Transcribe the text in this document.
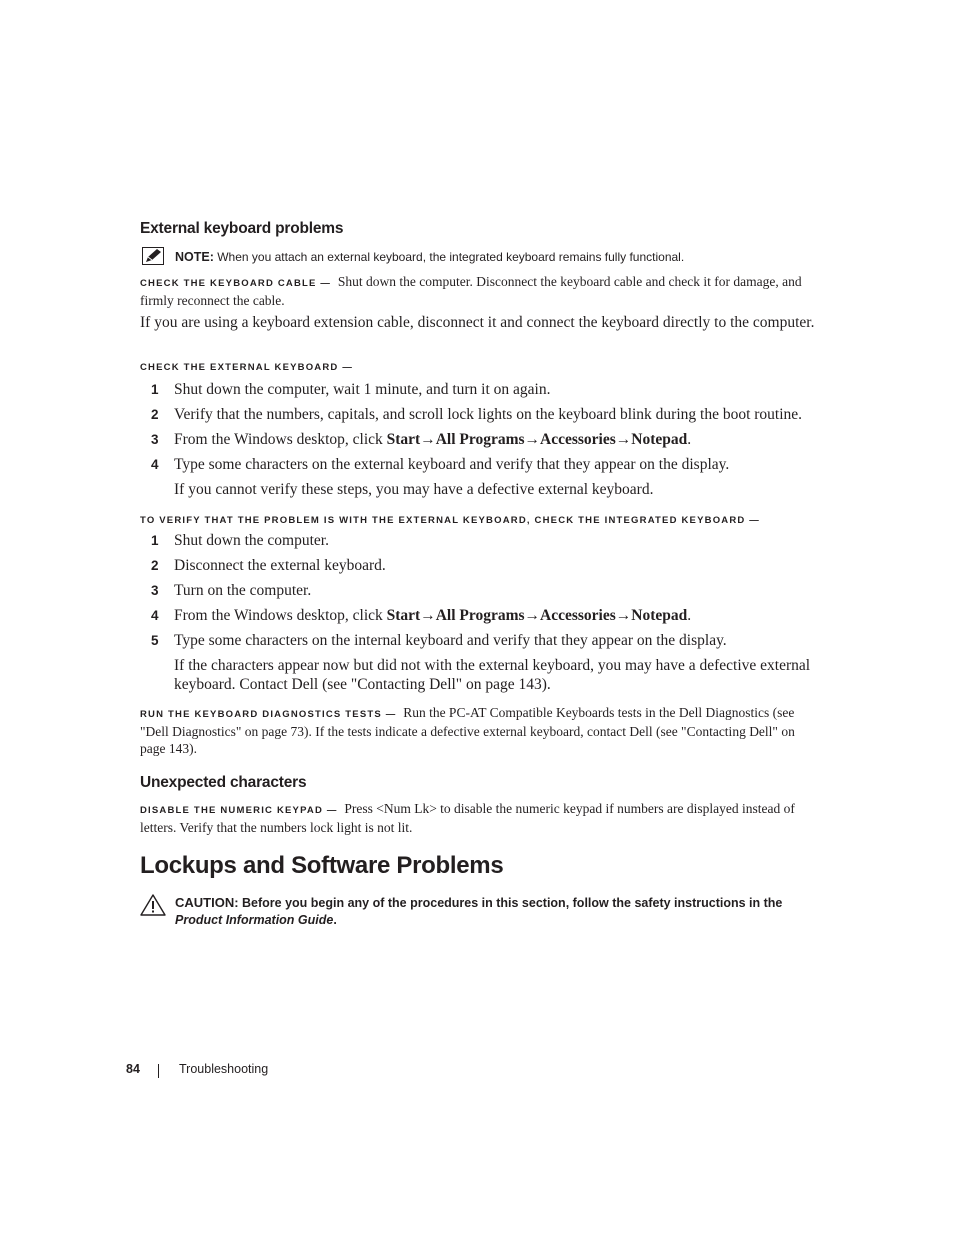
External keyboard problems
NOTE: When you attach an external keyboard, the integrated keyboard remains fully functional.
CHECK THE KEYBOARD CABLE — Shut down the computer. Disconnect the keyboard cable and check it for damage, and firmly reconnect the cable.
If you are using a keyboard extension cable, disconnect it and connect the keyboard directly to the computer.
CHECK THE EXTERNAL KEYBOARD —
1 Shut down the computer, wait 1 minute, and turn it on again.
2 Verify that the numbers, capitals, and scroll lock lights on the keyboard blink during the boot routine.
3 From the Windows desktop, click Start→All Programs→Accessories→Notepad.
4 Type some characters on the external keyboard and verify that they appear on the display.
If you cannot verify these steps, you may have a defective external keyboard.
TO VERIFY THAT THE PROBLEM IS WITH THE EXTERNAL KEYBOARD, CHECK THE INTEGRATED KEYBOARD —
1 Shut down the computer.
2 Disconnect the external keyboard.
3 Turn on the computer.
4 From the Windows desktop, click Start→All Programs→Accessories→Notepad.
5 Type some characters on the internal keyboard and verify that they appear on the display.
If the characters appear now but did not with the external keyboard, you may have a defective external keyboard. Contact Dell (see "Contacting Dell" on page 143).
RUN THE KEYBOARD DIAGNOSTICS TESTS — Run the PC-AT Compatible Keyboards tests in the Dell Diagnostics (see "Dell Diagnostics" on page 73). If the tests indicate a defective external keyboard, contact Dell (see "Contacting Dell" on page 143).
Unexpected characters
DISABLE THE NUMERIC KEYPAD — Press <Num Lk> to disable the numeric keypad if numbers are displayed instead of letters. Verify that the numbers lock light is not lit.
Lockups and Software Problems
CAUTION: Before you begin any of the procedures in this section, follow the safety instructions in the Product Information Guide.
84	Troubleshooting
